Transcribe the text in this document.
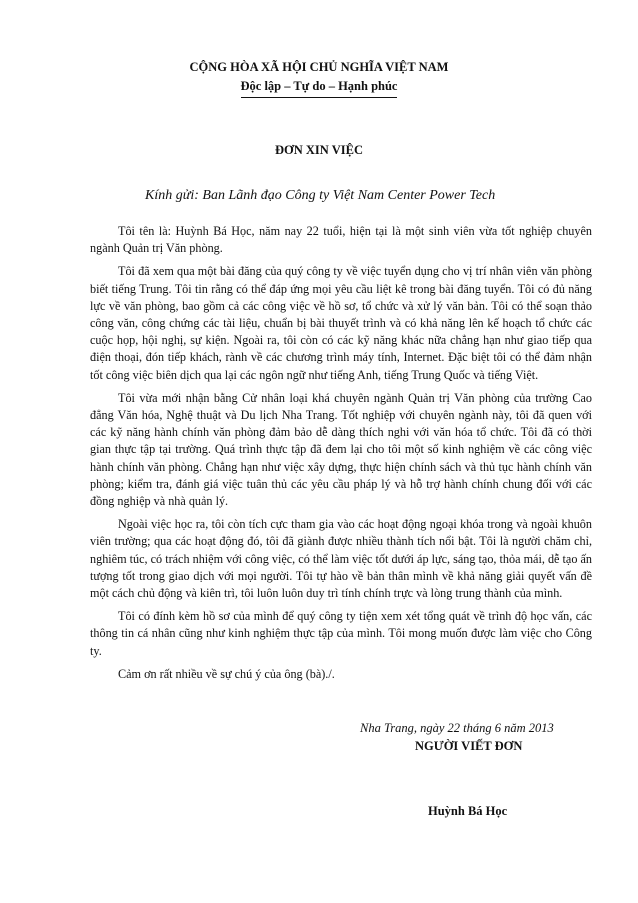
CỘNG HÒA XÃ HỘI CHỦ NGHĨA VIỆT NAM
Độc lập – Tự do – Hạnh phúc
ĐƠN XIN VIỆC
Kính gửi: Ban Lãnh đạo Công ty Việt Nam Center Power Tech

Tôi tên là: Huỳnh Bá Học, năm nay 22 tuổi, hiện tại là một sinh viên vừa tốt nghiệp chuyên ngành Quản trị Văn phòng.

Tôi đã xem qua một bài đăng của quý công ty về việc tuyển dụng cho vị trí nhân viên văn phòng biết tiếng Trung. Tôi tin rằng có thể đáp ứng mọi yêu cầu liệt kê trong bài đăng tuyển. Tôi có đủ năng lực về văn phòng, bao gồm cả các công việc về hồ sơ, tổ chức và xử lý văn bản. Tôi có thể soạn thảo công văn, công chứng các tài liệu, chuẩn bị bài thuyết trình và có khả năng lên kế hoạch tổ chức các cuộc họp, hội nghị, sự kiện. Ngoài ra, tôi còn có các kỹ năng khác nữa chẳng hạn như giao tiếp qua điện thoại, đón tiếp khách, rành về các chương trình máy tính, Internet. Đặc biệt tôi có thể đảm nhận tốt công việc biên dịch qua lại các ngôn ngữ như tiếng Anh, tiếng Trung Quốc và tiếng Việt.

Tôi vừa mới nhận bằng Cử nhân loại khá chuyên ngành Quản trị Văn phòng của trường Cao đẳng Văn hóa, Nghệ thuật và Du lịch Nha Trang. Tốt nghiệp với chuyên ngành này, tôi đã quen với các kỹ năng hành chính văn phòng đảm bảo dễ dàng thích nghi với văn hóa tổ chức. Tôi đã có thời gian thực tập tại trường. Quá trình thực tập đã đem lại cho tôi một số kinh nghiệm về các công việc hành chính văn phòng. Chẳng hạn như việc xây dựng, thực hiện chính sách và thủ tục hành chính văn phòng; kiểm tra, đánh giá việc tuân thủ các yêu cầu pháp lý và hỗ trợ hành chính chung đối với các đồng nghiệp và nhà quản lý.

Ngoài việc học ra, tôi còn tích cực tham gia vào các hoạt động ngoại khóa trong và ngoài khuôn viên trường; qua các hoạt động đó, tôi đã giành được nhiều thành tích nổi bật. Tôi là người chăm chỉ, nghiêm túc, có trách nhiệm với công việc, có thể làm việc tốt dưới áp lực, sáng tạo, thỏa mái, dễ tạo ấn tượng tốt trong giao dịch với mọi người. Tôi tự hào về bản thân mình về khả năng giải quyết vấn đề một cách chủ động và kiên trì, tôi luôn luôn duy trì tính chính trực và lòng trung thành của mình.

Tôi có đính kèm hồ sơ của mình để quý công ty tiện xem xét tổng quát về trình độ học vấn, các thông tin cá nhân cũng như kinh nghiệm thực tập của mình. Tôi mong muốn được làm việc cho Công ty.

Cảm ơn rất nhiều về sự chú ý của ông (bà)./.

Nha Trang, ngày 22 tháng 6 năm 2013
NGƯỜI VIẾT ĐƠN
Huỳnh Bá Học
